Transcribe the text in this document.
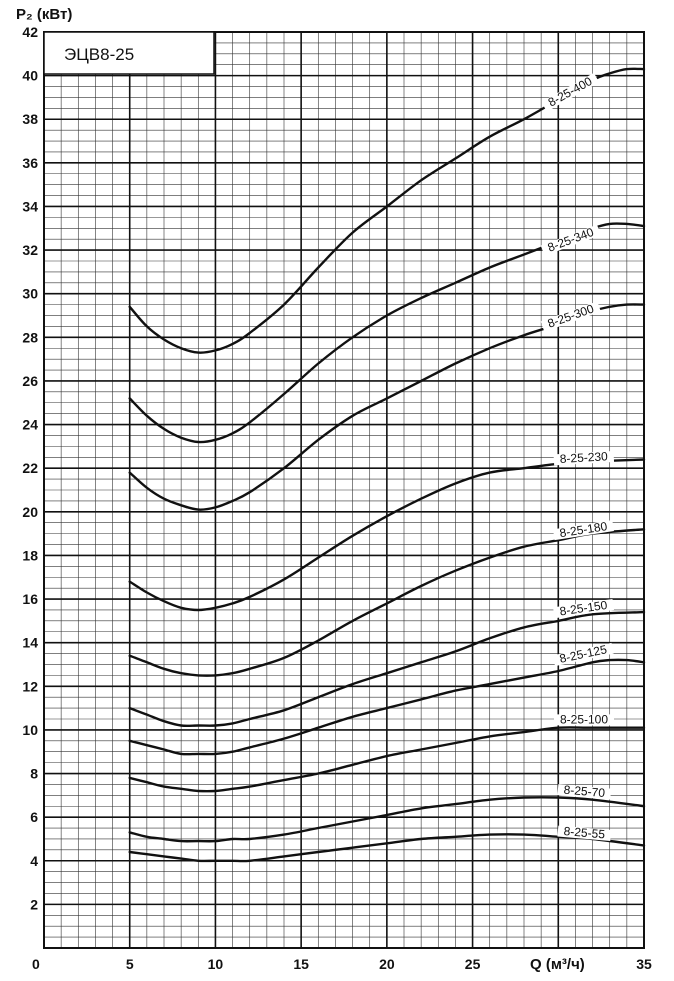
ЭЦВ8-25
8-25-400
8-25-340
8-25-300
8-25-230
8-25-180
8-25-150
8-25-125
8-25-100
8-25-70
8-25-55
2
4
6
8
10
12
14
16
18
20
22
24
26
28
30
32
34
36
38
40
42
0	5	10	15	20	25	35
Q (м³/ч)
P₂ (кВт)
